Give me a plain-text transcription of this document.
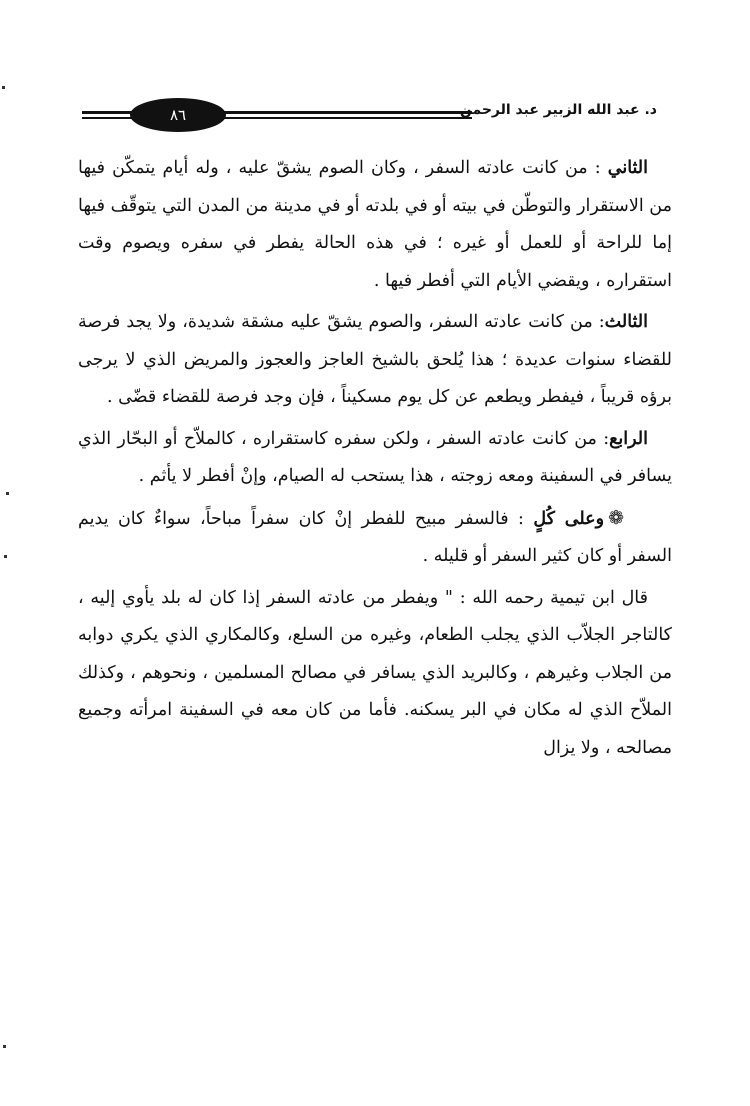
٨٦	د. عبد الله الزبير عبد الرحمن

الثاني : من كانت عادته السفر ، وكان الصوم يشقّ عليه ، وله أيام يتمكّن فيها من الاستقرار والتوطّن في بيته أو في بلدته أو في مدينة من المدن التي يتوقّف فيها إما للراحة أو للعمل أو غيره ؛ في هذه الحالة يفطر في سفره ويصوم وقت استقراره ، ويقضي الأيام التي أفطر فيها .

الثالث: من كانت عادته السفر، والصوم يشقّ عليه مشقة شديدة، ولا يجد فرصة للقضاء سنوات عديدة ؛ هذا يُلحق بالشيخ العاجز والعجوز والمريض الذي لا يرجى برؤه قريباً ، فيفطر ويطعم عن كل يوم مسكيناً ، فإن وجد فرصة للقضاء قضّى .

الرابع: من كانت عادته السفر ، ولكن سفره كاستقراره ، كالملاّح أو البحّار الذي يسافر في السفينة ومعه زوجته ، هذا يستحب له الصيام، وإنْ أفطر لا يأثم .

❁وعلى كُلٍ : فالسفر مبيح للفطر إنْ كان سفراً مباحاً، سواءٌ كان يديم السفر أو كان كثير السفر أو قليله .

قال ابن تيمية رحمه الله : " ويفطر من عادته السفر إذا كان له بلد يأوي إليه ، كالتاجر الجلاّب الذي يجلب الطعام، وغيره من السلع، وكالمكاري الذي يكري دوابه من الجلاب وغيرهم ، وكالبريد الذي يسافر في مصالح المسلمين ، ونحوهم ، وكذلك الملاّح الذي له مكان في البر يسكنه. فأما من كان معه في السفينة امرأته وجميع مصالحه ، ولا يزال
